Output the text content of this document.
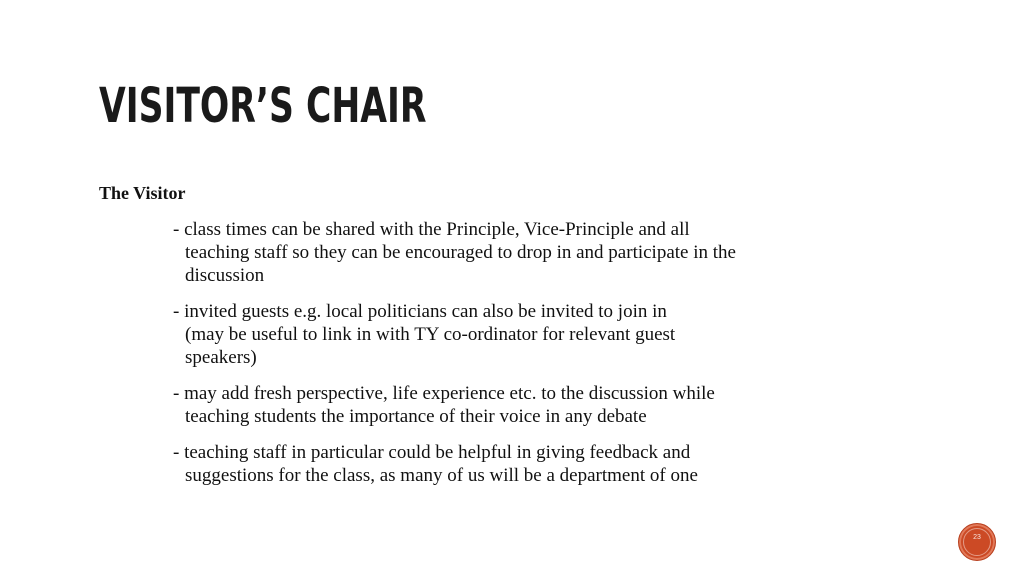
VISITOR’S CHAIR

The Visitor

- class times can be shared with the Principle, Vice-Principle and all
teaching staff so they can be encouraged to drop in and participate in the
discussion
- invited guests e.g. local politicians can also be invited to join in
(may be useful to link in with TY co-ordinator for relevant guest
speakers)
- may add fresh perspective, life experience etc. to the discussion while
teaching students the importance of their voice in any debate
- teaching staff in particular could be helpful in giving feedback and
suggestions for the class, as many of us will be a department of one
23
